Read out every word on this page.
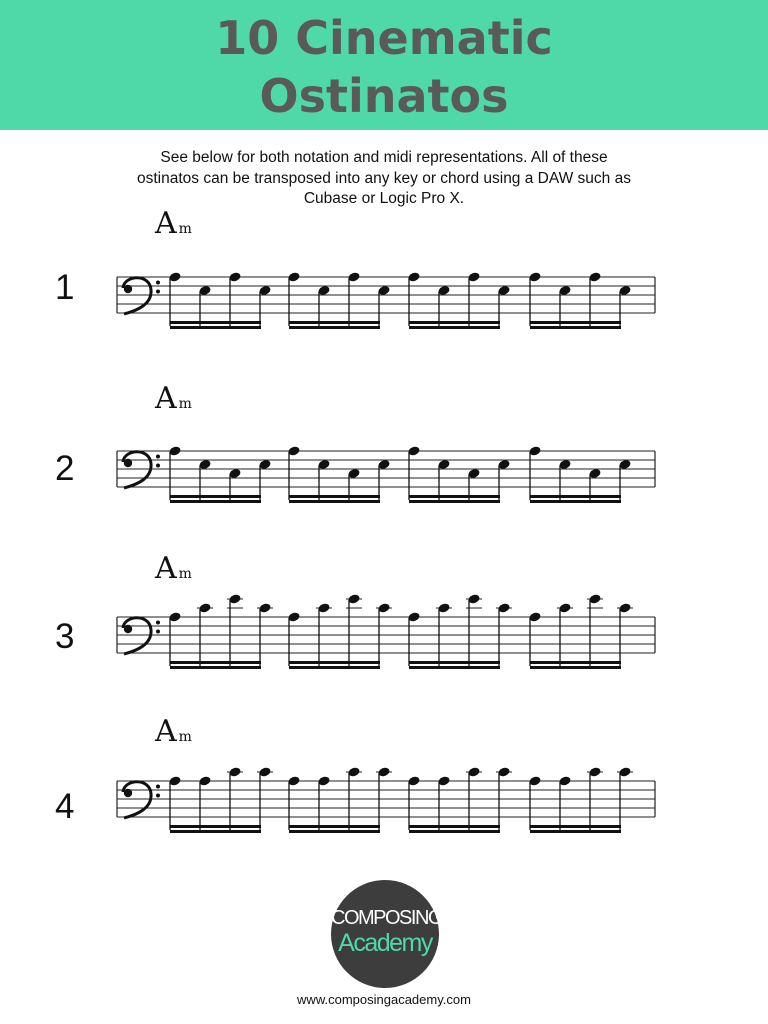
10 Cinematic
Ostinatos
See below for both notation and midi representations. All of these
ostinatos can be transposed into any key or chord using a DAW such as
Cubase or Logic Pro X.
Am
1
Am
2
Am
3
Am
4
COMPOSING
Academy
www.composingacademy.com
